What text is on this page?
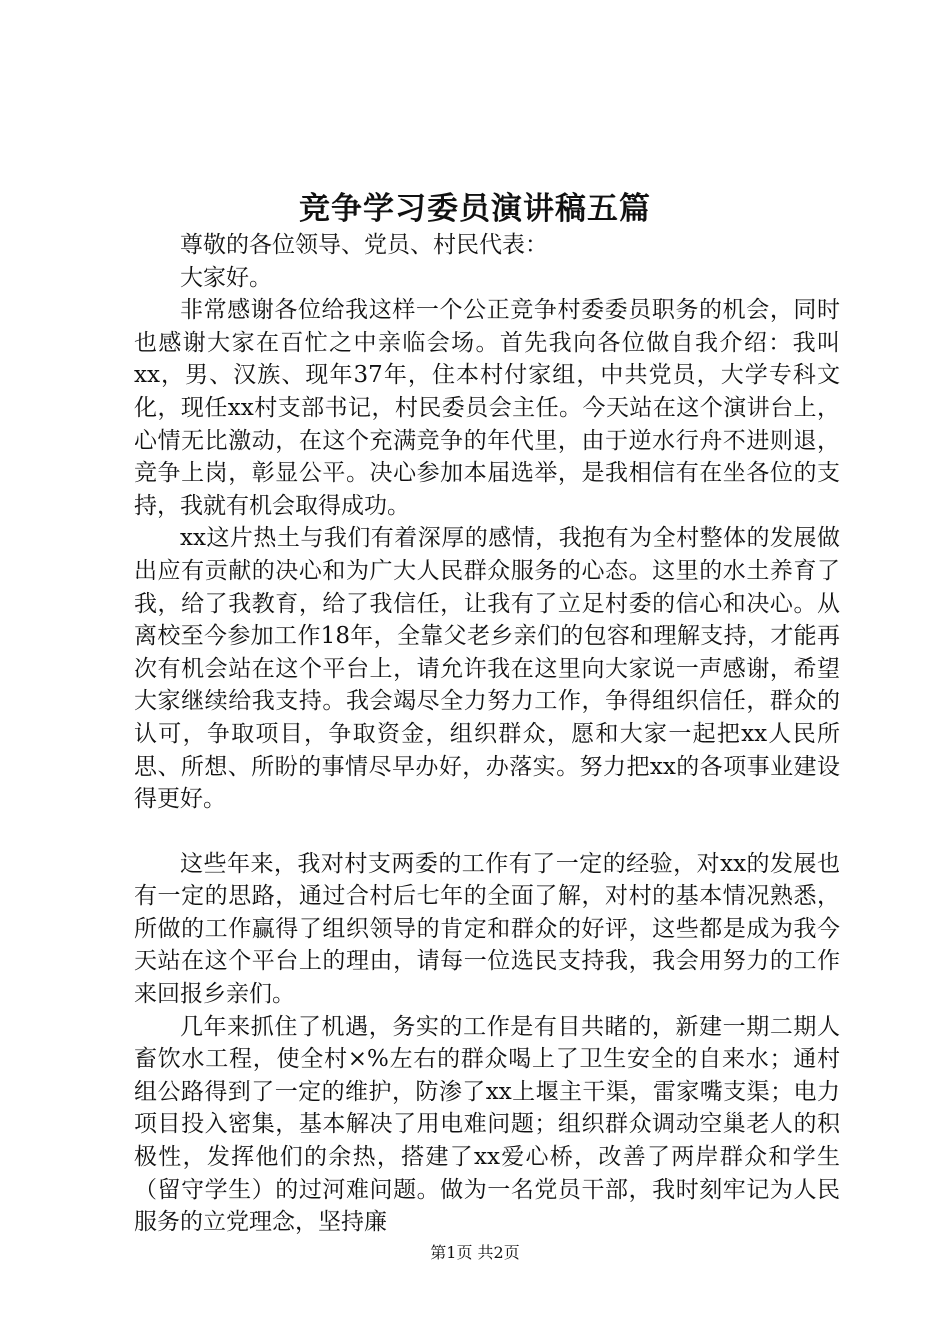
竞争学习委员演讲稿五篇

尊敬的各位领导、党员、村民代表：

大家好。

非常感谢各位给我这样一个公正竞争村委委员职务的机会，同时也感谢大家在百忙之中亲临会场。首先我向各位做自我介绍：我叫xx，男、汉族、现年37年，住本村付家组，中共党员，大学专科文化，现任xx村支部书记，村民委员会主任。今天站在这个演讲台上，心情无比激动，在这个充满竞争的年代里，由于逆水行舟不进则退，竞争上岗，彰显公平。决心参加本届选举，是我相信有在坐各位的支持，我就有机会取得成功。

xx这片热土与我们有着深厚的感情，我抱有为全村整体的发展做出应有贡献的决心和为广大人民群众服务的心态。这里的水土养育了我，给了我教育，给了我信任，让我有了立足村委的信心和决心。从离校至今参加工作18年，全靠父老乡亲们的包容和理解支持，才能再次有机会站在这个平台上，请允许我在这里向大家说一声感谢，希望大家继续给我支持。我会竭尽全力努力工作，争得组织信任，群众的认可，争取项目，争取资金，组织群众，愿和大家一起把xx人民所思、所想、所盼的事情尽早办好，办落实。努力把xx的各项事业建设得更好。

这些年来，我对村支两委的工作有了一定的经验，对xx的发展也有一定的思路，通过合村后七年的全面了解，对村的基本情况熟悉，所做的工作赢得了组织领导的肯定和群众的好评，这些都是成为我今天站在这个平台上的理由，请每一位选民支持我，我会用努力的工作来回报乡亲们。

几年来抓住了机遇，务实的工作是有目共睹的，新建一期二期人畜饮水工程，使全村×%左右的群众喝上了卫生安全的自来水；通村组公路得到了一定的维护，防渗了xx上堰主干渠，雷家嘴支渠；电力项目投入密集，基本解决了用电难问题；组织群众调动空巢老人的积极性，发挥他们的余热，搭建了xx爱心桥，改善了两岸群众和学生（留守学生）的过河难问题。做为一名党员干部，我时刻牢记为人民服务的立党理念，坚持廉

第1页 共2页
